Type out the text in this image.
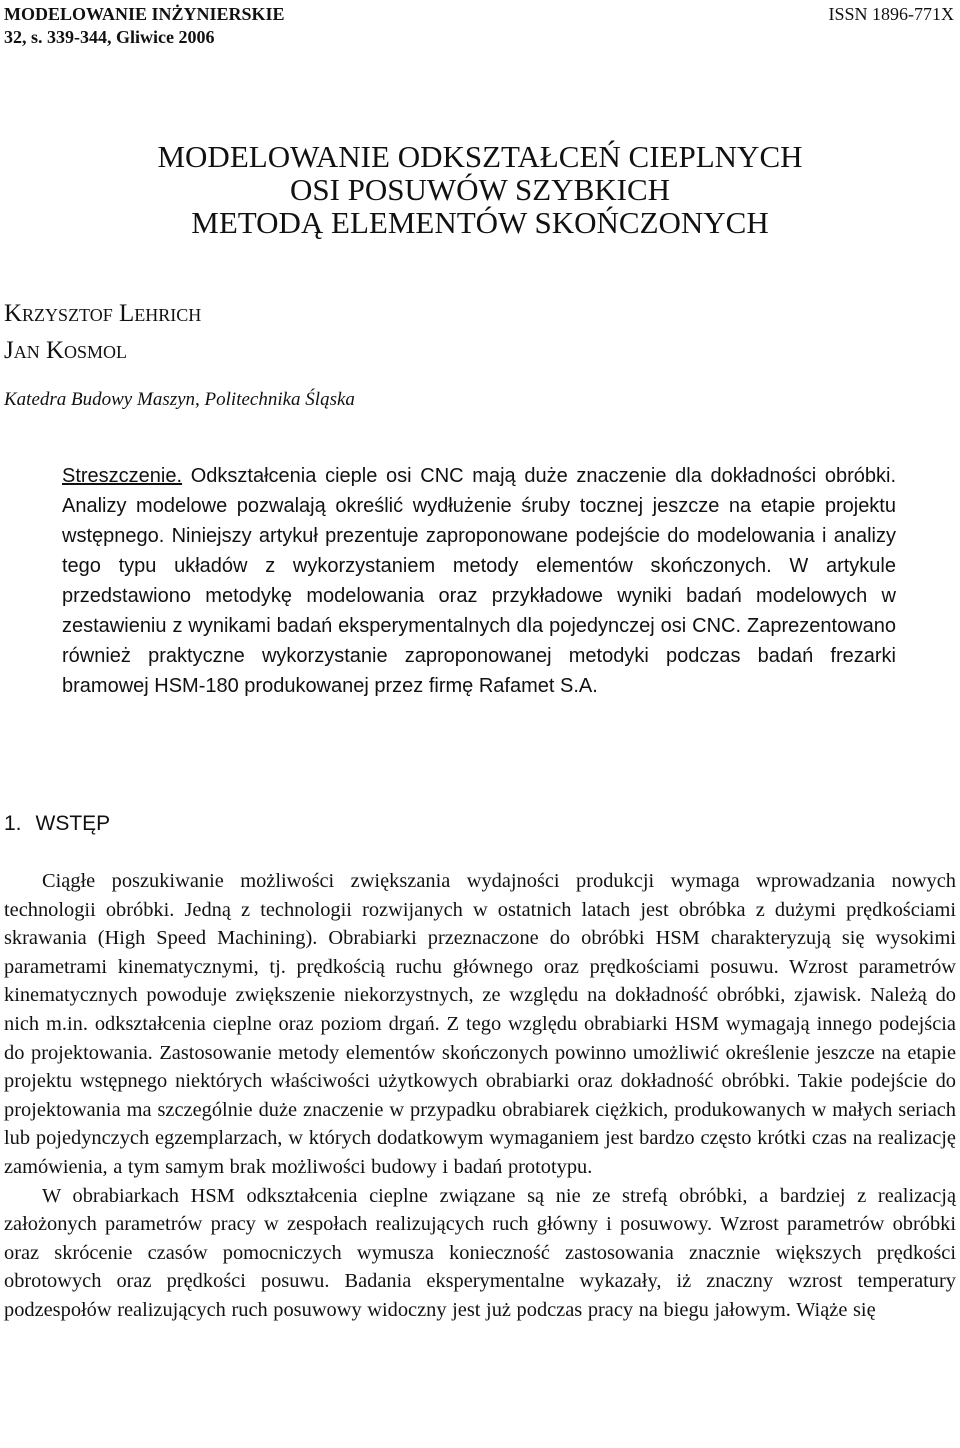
MODELOWANIE INŻYNIERSKIE
32, s. 339-344, Gliwice 2006
ISSN 1896-771X
MODELOWANIE ODKSZTAŁCEŃ CIEPLNYCH
OSI POSUWÓW SZYBKICH
METODĄ ELEMENTÓW SKOŃCZONYCH
Krzysztof Lehrich
Jan Kosmol
Katedra Budowy Maszyn, Politechnika Śląska
Streszczenie. Odkształcenia cieple osi CNC mają duże znaczenie dla dokładności obróbki. Analizy modelowe pozwalają określić wydłużenie śruby tocznej jeszcze na etapie projektu wstępnego. Niniejszy artykuł prezentuje zaproponowane podejście do modelowania i analizy tego typu układów z wykorzystaniem metody elementów skończonych. W artykule przedstawiono metodykę modelowania oraz przykładowe wyniki badań modelowych w zestawieniu z wynikami badań eksperymentalnych dla pojedynczej osi CNC. Zaprezentowano również praktyczne wykorzystanie zaproponowanej metodyki podczas badań frezarki bramowej HSM-180 produkowanej przez firmę Rafamet S.A.
1. WSTĘP

Ciągłe poszukiwanie możliwości zwiększania wydajności produkcji wymaga wprowadzania nowych technologii obróbki. Jedną z technologii rozwijanych w ostatnich latach jest obróbka z dużymi prędkościami skrawania (High Speed Machining). Obrabiarki przeznaczone do obróbki HSM charakteryzują się wysokimi parametrami kinematycznymi, tj. prędkością ruchu głównego oraz prędkościami posuwu. Wzrost parametrów kinematycznych powoduje zwiększenie niekorzystnych, ze względu na dokładność obróbki, zjawisk. Należą do nich m.in. odkształcenia cieplne oraz poziom drgań. Z tego względu obrabiarki HSM wymagają innego podejścia do projektowania. Zastosowanie metody elementów skończonych powinno umożliwić określenie jeszcze na etapie projektu wstępnego niektórych właściwości użytkowych obrabiarki oraz dokładność obróbki. Takie podejście do projektowania ma szczególnie duże znaczenie w przypadku obrabiarek ciężkich, produkowanych w małych seriach lub pojedynczych egzemplarzach, w których dodatkowym wymaganiem jest bardzo często krótki czas na realizację zamówienia, a tym samym brak możliwości budowy i badań prototypu.

W obrabiarkach HSM odkształcenia cieplne związane są nie ze strefą obróbki, a bardziej z realizacją założonych parametrów pracy w zespołach realizujących ruch główny i posuwowy. Wzrost parametrów obróbki oraz skrócenie czasów pomocniczych wymusza konieczność zastosowania znacznie większych prędkości obrotowych oraz prędkości posuwu. Badania eksperymentalne wykazały, iż znaczny wzrost temperatury podzespołów realizujących ruch posuwowy widoczny jest już podczas pracy na biegu jałowym. Wiąże się
